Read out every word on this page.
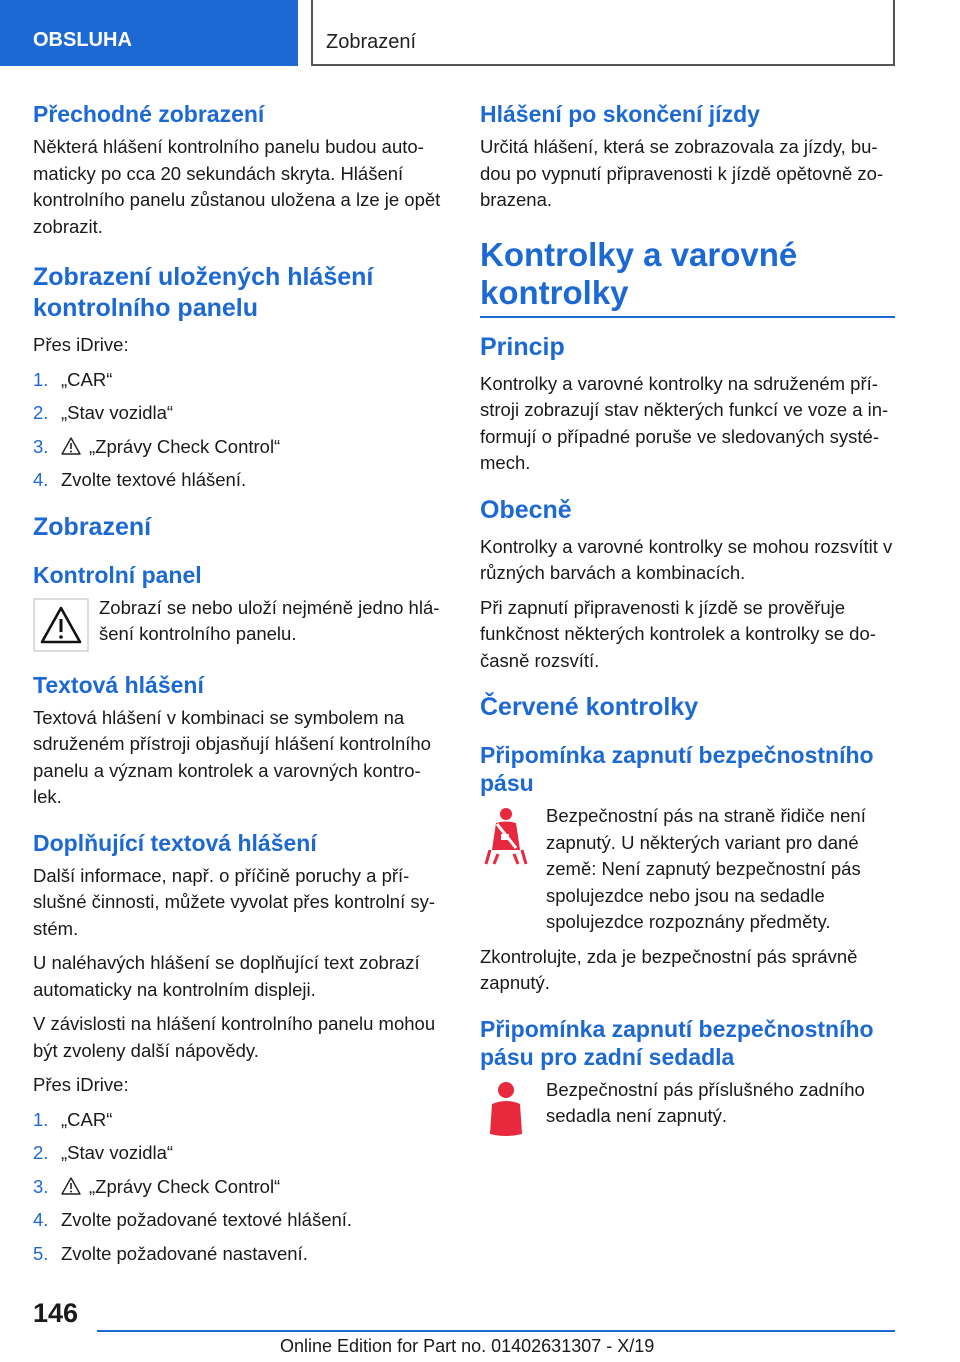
OBSLUHA	Zobrazení
Přechodné zobrazení

Některá hlášení kontrolního panelu budou auto-maticky po cca 20 sekundách skryta. Hlášení kontrolního panelu zůstanou uložena a lze je opět zobrazit.

Zobrazení uložených hlášení kontrolního panelu

Přes iDrive:

1. „CAR“
2. „Stav vozidla“
3. „Zprávy Check Control“
4. Zvolte textové hlášení.
Zobrazení
Kontrolní panel

Zobrazí se nebo uloží nejméně jedno hlá-šení kontrolního panelu.

Textová hlášení

Textová hlášení v kombinaci se symbolem na sdruženém přístroji objasňují hlášení kontrolního panelu a význam kontrolek a varovných kontro-lek.

Doplňující textová hlášení

Další informace, např. o příčině poruchy a pří-slušné činnosti, můžete vyvolat přes kontrolní sy-stém.

U naléhavých hlášení se doplňující text zobrazí automaticky na kontrolním displeji.

V závislosti na hlášení kontrolního panelu mohou být zvoleny další nápovědy.

Přes iDrive:

1. „CAR“
2. „Stav vozidla“
3. „Zprávy Check Control“
4. Zvolte požadované textové hlášení.
5. Zvolte požadované nastavení.
Hlášení po skončení jízdy

Určitá hlášení, která se zobrazovala za jízdy, bu-dou po vypnutí připravenosti k jízdě opětovně zo-brazena.

Kontrolky a varovné kontrolky
Princip

Kontrolky a varovné kontrolky na sdruženém pří-stroji zobrazují stav některých funkcí ve voze a in-formují o případné poruše ve sledovaných systé-mech.

Obecně

Kontrolky a varovné kontrolky se mohou rozsvítit v různých barvách a kombinacích.

Při zapnutí připravenosti k jízdě se prověřuje funkčnost některých kontrolek a kontrolky se do-časně rozsvítí.

Červené kontrolky
Připomínka zapnutí bezpečnostního pásu

Bezpečnostní pás na straně řidiče není zapnutý. U některých variant pro dané země: Není zapnutý bezpečnostní pás spolujezdce nebo jsou na sedadle spolujezdce rozpoznány předměty.

Zkontrolujte, zda je bezpečnostní pás správně zapnutý.

Připomínka zapnutí bezpečnostního pásu pro zadní sedadla

Bezpečnostní pás příslušného zadního sedadla není zapnutý.

146
Online Edition for Part no. 01402631307 - X/19
